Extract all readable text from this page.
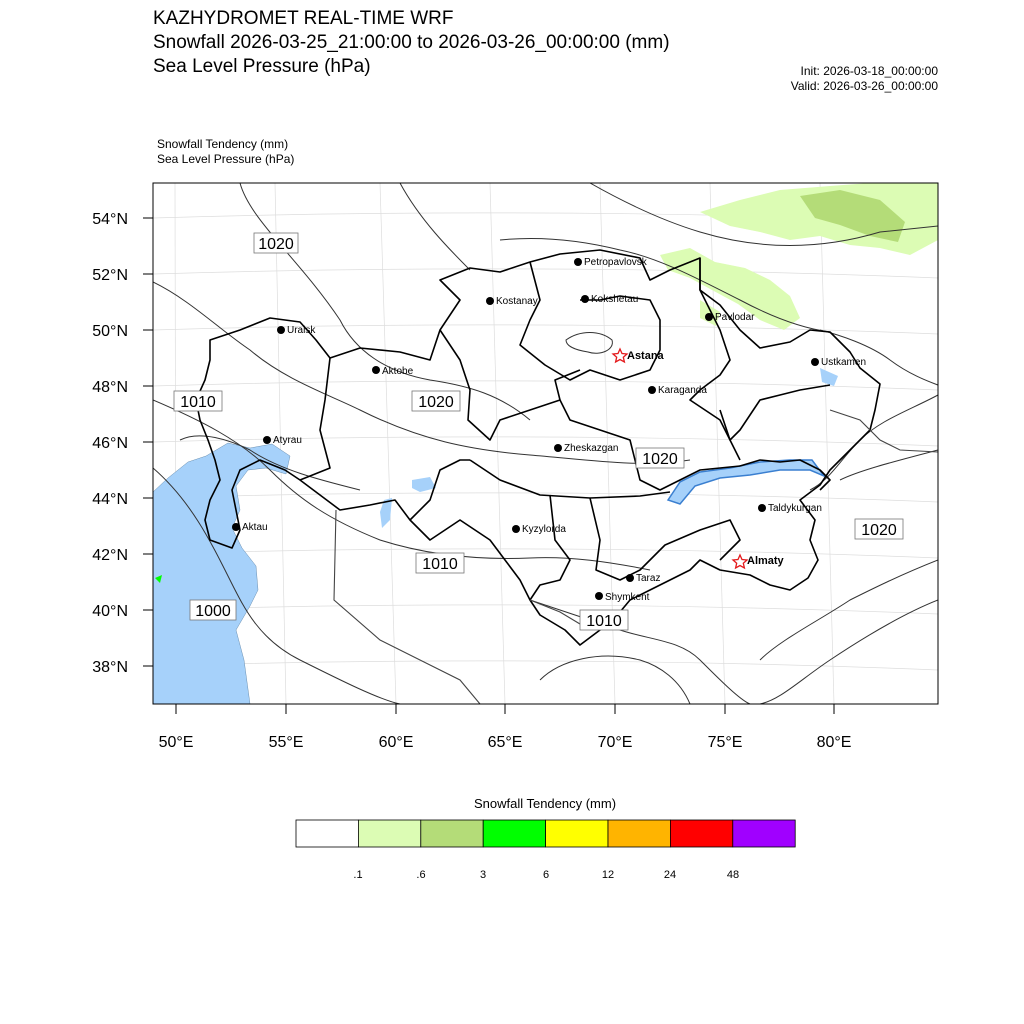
KAZHYDROMET REAL-TIME WRF
Snowfall 2026-03-25_21:00:00 to 2026-03-26_00:00:00 (mm)
Sea Level Pressure (hPa)	Init: 2026-03-18_00:00:00
Valid: 2026-03-26_00:00:00
Snowfall Tendency (mm)
Sea Level Pressure (hPa)
54°N
52°N
50°N
48°N
46°N
44°N
42°N
40°N
38°N
50°E	55°E	60°E	65°E	70°E	75°E	80°E
1020
1010	1020
1020
1020
1010
1000
1010
Petropavlovsk
Kostanay	Kokshetau
Pavlodar
Uralsk
Astana
Ustkamen
Aktobe
Karaganda
Atyrau
Zheskazgan
Aktau	Kyzylorda
Taldykurgan
Almaty
Taraz
Shymkent
Snowfall Tendency (mm)
.1	.6	3	6	12	24	48
